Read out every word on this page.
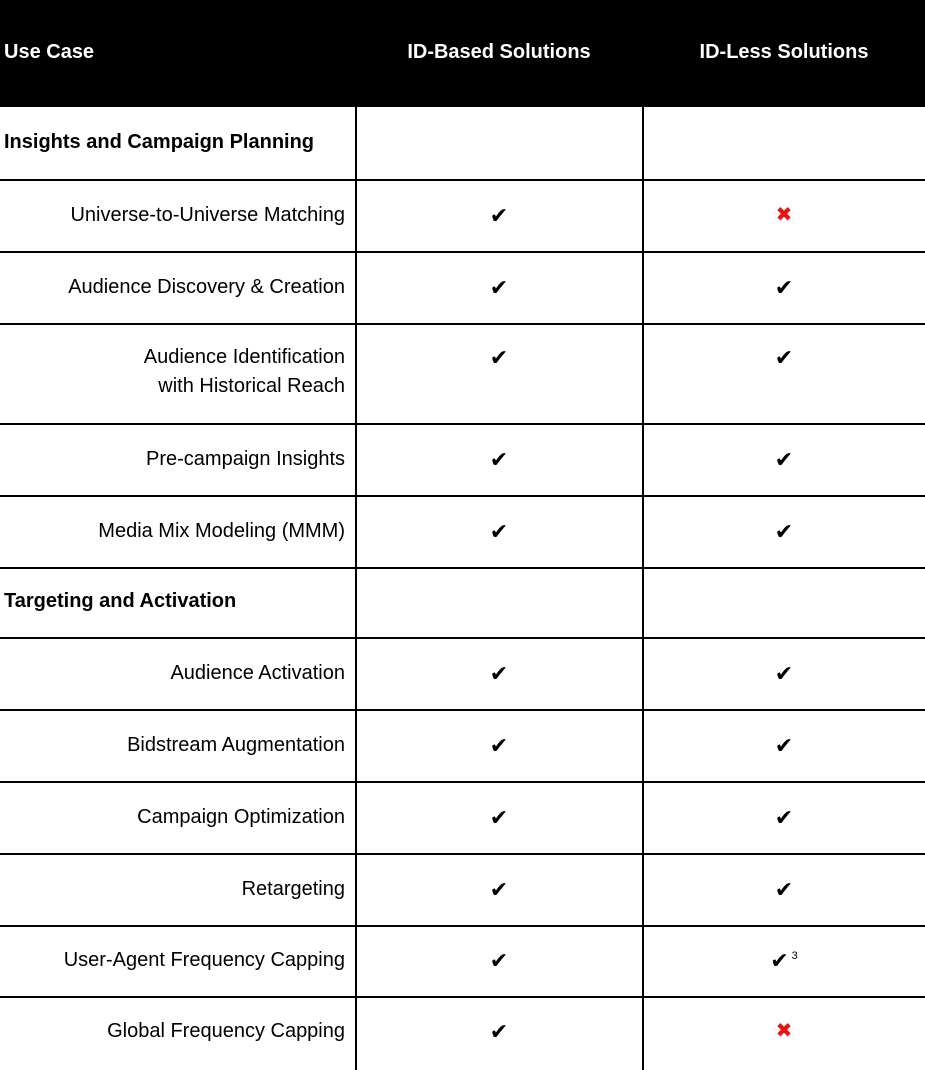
Use Case	ID-Based Solutions	ID-Less Solutions
Insights and Campaign Planning
Universe-to-Universe Matching	✔	✖
Audience Discovery & Creation	✔	✔
Audience Identification
with Historical Reach
✔	✔
Pre-campaign Insights	✔	✔
Media Mix Modeling (MMM)	✔	✔
Targeting and Activation
Audience Activation	✔	✔
Bidstream Augmentation	✔	✔
Campaign Optimization	✔	✔
Retargeting	✔	✔
User-Agent Frequency Capping	✔	✔ $^3$
Global Frequency Capping	✔	✖
